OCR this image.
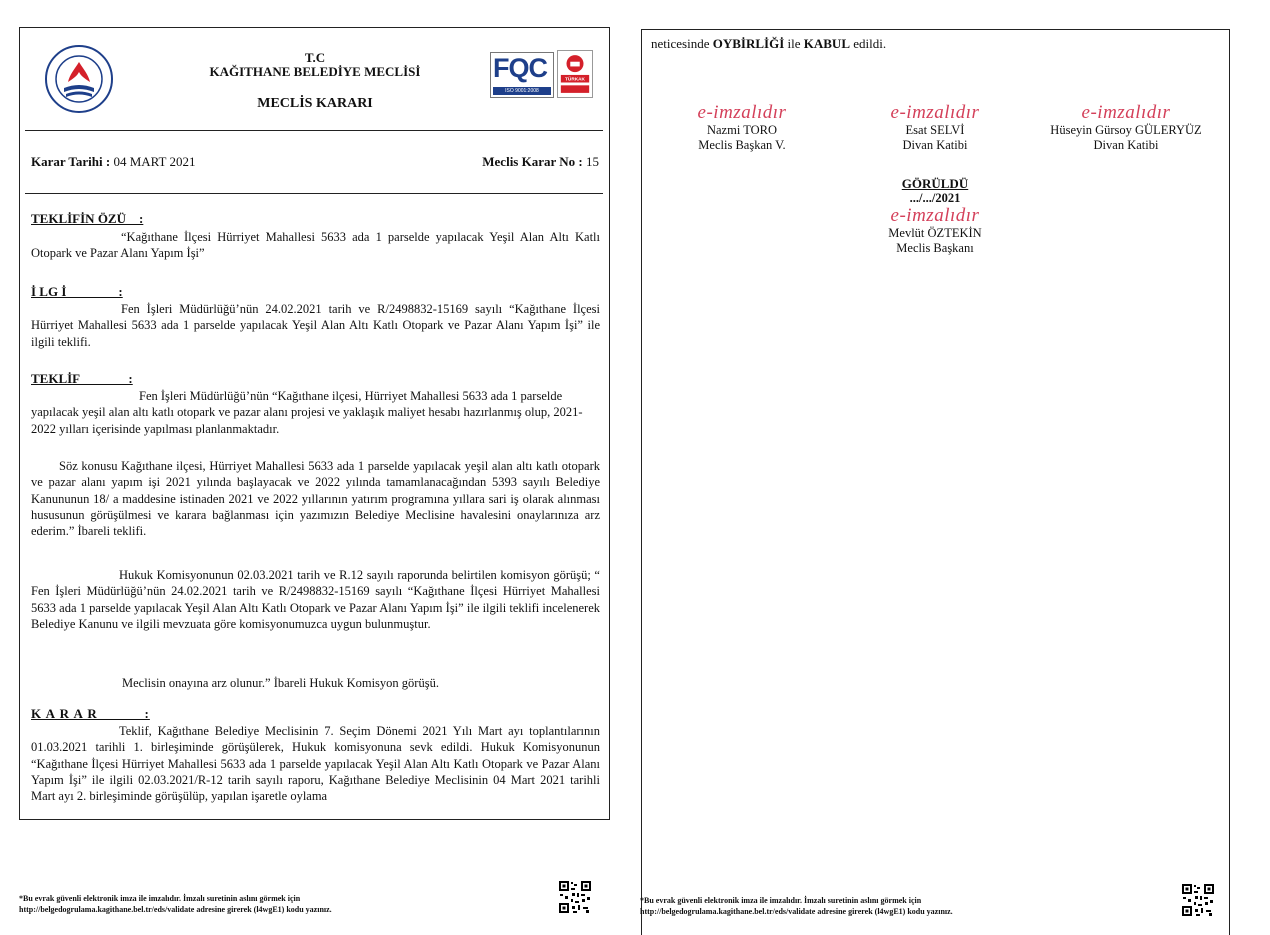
T.C
KAĞITHANE BELEDİYE MECLİSİ
MECLİS KARARI
FQC
ISO 9001:2008
TÜRKAK
Karar Tarihi : 04 MART 2021	Meclis Karar No : 15
TEKLİFİN ÖZÜ    :
“Kağıthane İlçesi Hürriyet Mahallesi 5633 ada 1 parselde yapılacak Yeşil Alan Altı Katlı Otopark ve Pazar Alanı Yapım İşi”
İ LG İ                :
Fen İşleri Müdürlüğü’nün 24.02.2021 tarih ve R/2498832-15169 sayılı “Kağıthane İlçesi Hürriyet Mahallesi 5633 ada 1 parselde yapılacak Yeşil Alan Altı Katlı Otopark ve Pazar Alanı Yapım İşi” ile ilgili teklifi.
TEKLİF               :
Fen İşleri Müdürlüğü’nün “Kağıthane ilçesi, Hürriyet Mahallesi 5633 ada 1 parselde yapılacak yeşil alan altı katlı otopark ve pazar alanı projesi ve yaklaşık maliyet hesabı hazırlanmış olup, 2021-2022 yılları içerisinde yapılması planlanmaktadır.
Söz konusu Kağıthane ilçesi, Hürriyet Mahallesi 5633 ada 1 parselde yapılacak yeşil alan altı katlı otopark ve pazar alanı yapım işi 2021 yılında başlayacak ve 2022 yılında tamamlanacağından 5393 sayılı Belediye Kanununun 18/ a maddesine istinaden 2021 ve 2022 yıllarının yatırım programına yıllara sari iş olarak alınması hususunun görüşülmesi ve karara bağlanması için yazımızın Belediye Meclisine havalesini onaylarınıza arz ederim.” İbareli teklifi.
Hukuk Komisyonunun 02.03.2021 tarih ve R.12 sayılı raporunda belirtilen komisyon görüşü; “ Fen İşleri Müdürlüğü’nün 24.02.2021 tarih ve R/2498832-15169 sayılı “Kağıthane İlçesi Hürriyet Mahallesi 5633 ada 1 parselde yapılacak Yeşil Alan Altı Katlı Otopark ve Pazar Alanı Yapım İşi” ile ilgili teklifi incelenerek Belediye Kanunu ve ilgili mevzuata göre komisyonumuzca uygun bulunmuştur.
Meclisin onayına arz olunur.” İbareli Hukuk Komisyon görüşü.
K A R A R           :
Teklif, Kağıthane Belediye Meclisinin 7. Seçim Dönemi 2021 Yılı Mart ayı toplantılarının 01.03.2021 tarihli 1. birleşiminde görüşülerek, Hukuk komisyonuna sevk edildi. Hukuk Komisyonunun “Kağıthane İlçesi Hürriyet Mahallesi 5633 ada 1 parselde yapılacak Yeşil Alan Altı Katlı Otopark ve Pazar Alanı Yapım İşi” ile ilgili 02.03.2021/R-12 tarih sayılı raporu, Kağıthane Belediye Meclisinin 04 Mart 2021 tarihli Mart ayı 2. birleşiminde görüşülüp, yapılan işaretle oylama
*Bu evrak güvenli elektronik imza ile imzalıdır. İmzalı suretinin aslını görmek için
http://belgedogrulama.kagithane.bel.tr/eds/validate adresine girerek (l4wgE1) kodu yazınız.
neticesinde OYBİRLİĞİ ile KABUL edildi.
e-imzalıdır
Nazmi TORO
Meclis Başkan V.
e-imzalıdır
Esat SELVİ
Divan Katibi
e-imzalıdır
Hüseyin Gürsoy GÜLERYÜZ
Divan Katibi
GÖRÜLDÜ
.../.../2021
e-imzalıdır
Mevlüt ÖZTEKİN
Meclis Başkanı
*Bu evrak güvenli elektronik imza ile imzalıdır. İmzalı suretinin aslını görmek için
http://belgedogrulama.kagithane.bel.tr/eds/validate adresine girerek (l4wgE1) kodu yazınız.
